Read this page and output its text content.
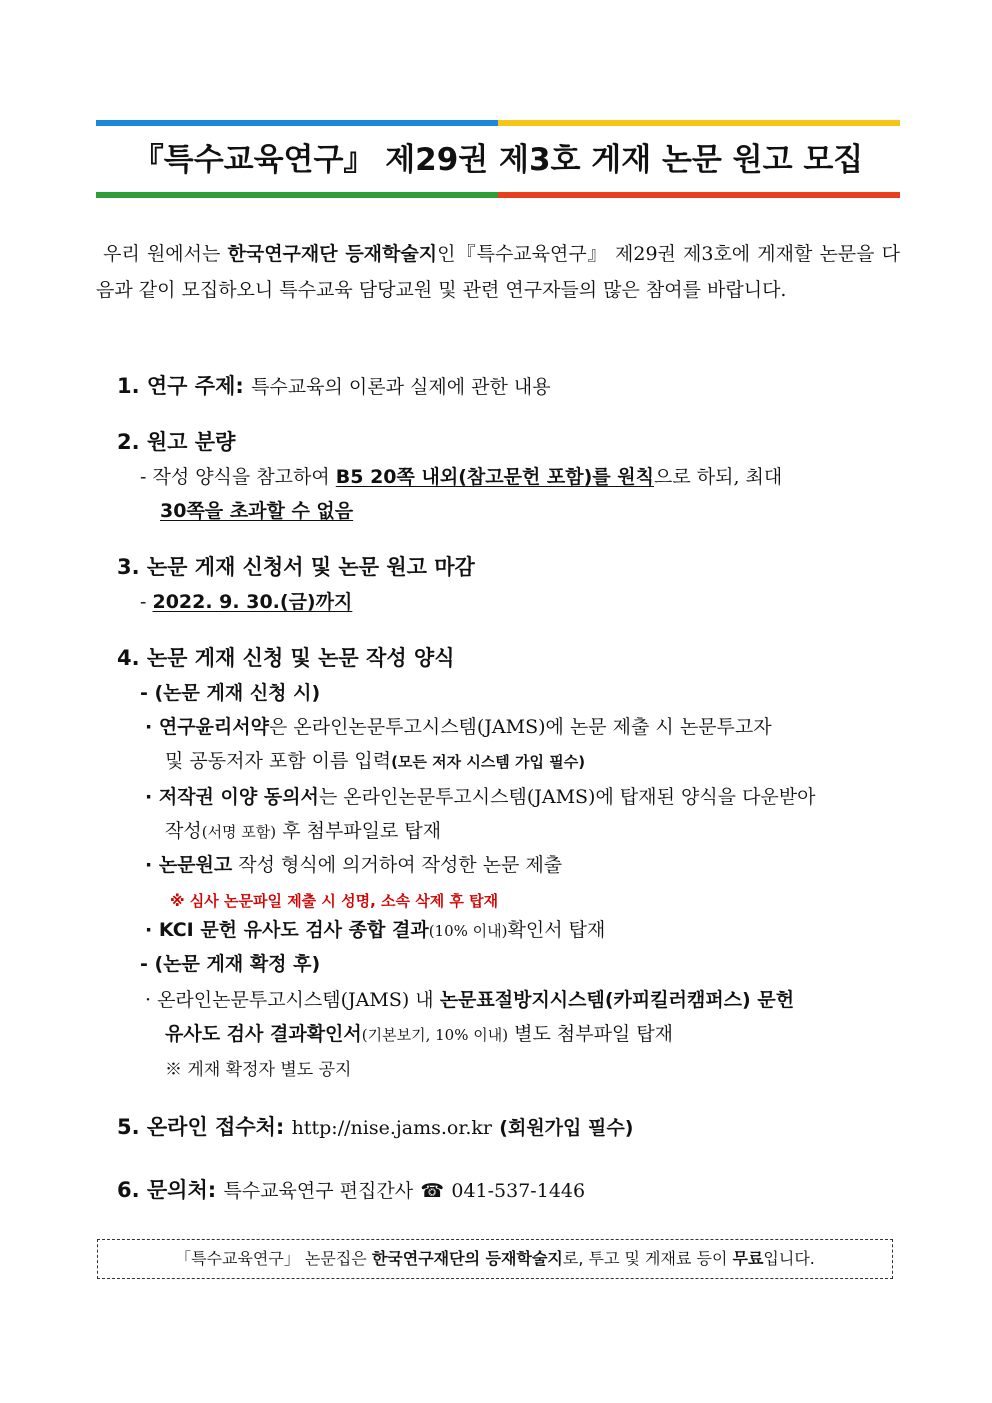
『특수교육연구』 제29권 제3호 게재 논문 원고 모집
우리 원에서는 한국연구재단 등재학술지인『특수교육연구』 제29권 제3호에 게재할 논문을 다음과 같이 모집하오니 특수교육 담당교원 및 관련 연구자들의 많은 참여를 바랍니다.
1. 연구 주제: 특수교육의 이론과 실제에 관한 내용
2. 원고 분량
- 작성 양식을 참고하여 B5 20쪽 내외(참고문헌 포함)를 원칙으로 하되, 최대
30쪽을 초과할 수 없음
3. 논문 게재 신청서 및 논문 원고 마감
- 2022. 9. 30.(금)까지
4. 논문 게재 신청 및 논문 작성 양식
- (논문 게재 신청 시)
· 연구윤리서약은 온라인논문투고시스템(JAMS)에 논문 제출 시 논문투고자
및 공동저자 포함 이름 입력(모든 저자 시스템 가입 필수)
· 저작권 이양 동의서는 온라인논문투고시스템(JAMS)에 탑재된 양식을 다운받아
작성(서명 포함) 후 첨부파일로 탑재
· 논문원고 작성 형식에 의거하여 작성한 논문 제출
※ 심사 논문파일 제출 시 성명, 소속 삭제 후 탑재
· KCI 문헌 유사도 검사 종합 결과(10% 이내)확인서 탑재
- (논문 게재 확정 후)
· 온라인논문투고시스템(JAMS) 내 논문표절방지시스템(카피킬러캠퍼스) 문헌
유사도 검사 결과확인서(기본보기, 10% 이내) 별도 첨부파일 탑재
※ 게재 확정자 별도 공지
5. 온라인 접수처: http://nise.jams.or.kr (회원가입 필수)
6. 문의처: 특수교육연구 편집간사 ☎ 041-537-1446
「특수교육연구」 논문집은 한국연구재단의 등재학술지로, 투고 및 게재료 등이 무료입니다.
